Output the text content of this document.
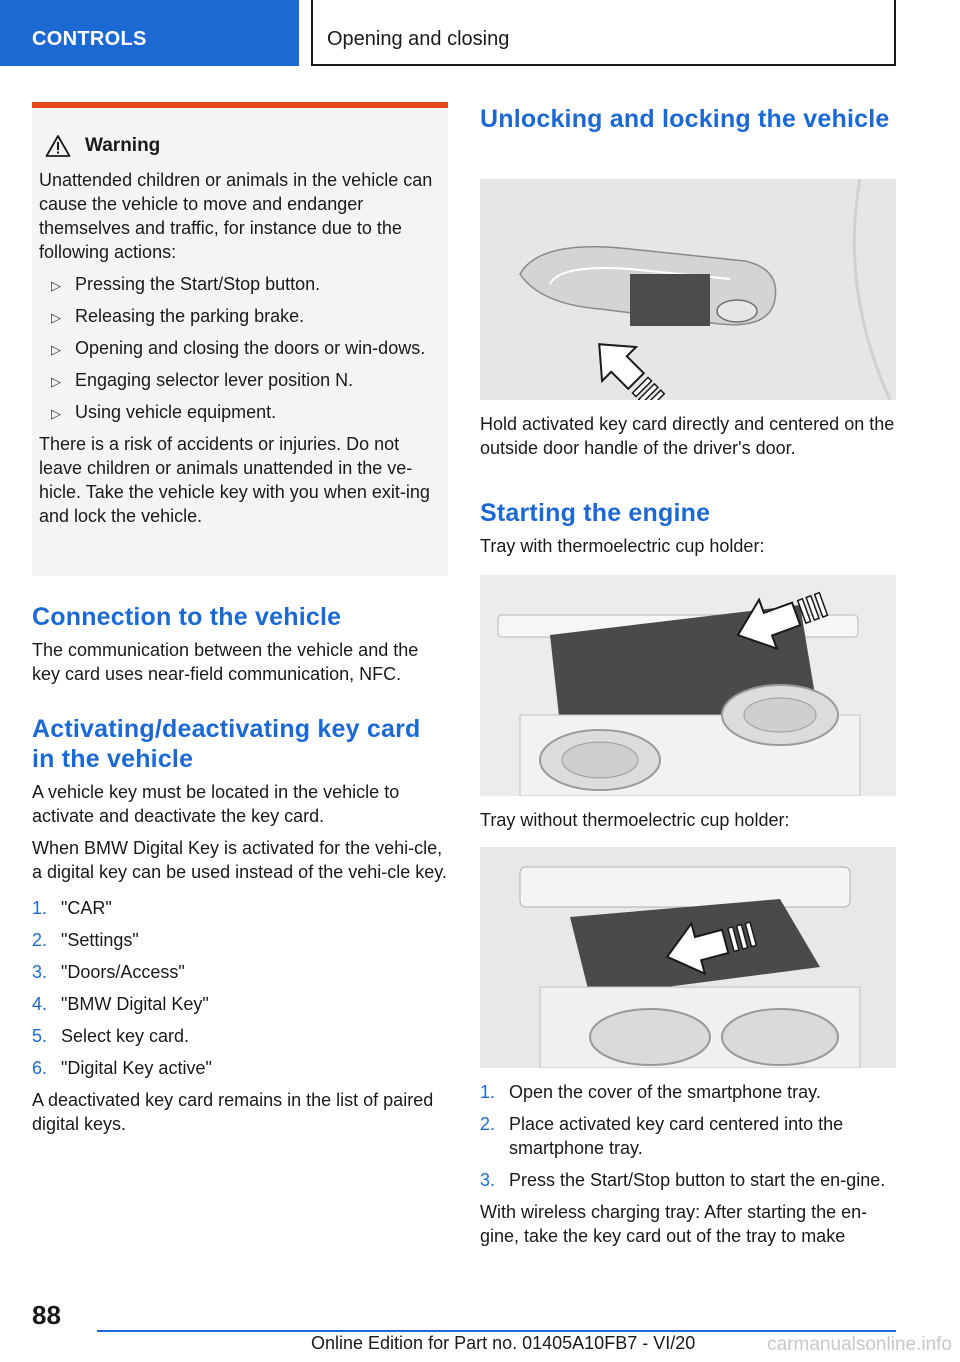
CONTROLS	Opening and closing
Warning

Unattended children or animals in the vehicle can cause the vehicle to move and endanger themselves and traffic, for instance due to the following actions:

▷ Pressing the Start/Stop button.
▷ Releasing the parking brake.
▷ Opening and closing the doors or win-dows.
▷ Engaging selector lever position N.
▷ Using vehicle equipment.

There is a risk of accidents or injuries. Do not leave children or animals unattended in the ve-hicle. Take the vehicle key with you when exit-ing and lock the vehicle.

Connection to the vehicle

The communication between the vehicle and the key card uses near-field communication, NFC.

Activating/deactivating key card in the vehicle

A vehicle key must be located in the vehicle to activate and deactivate the key card.

When BMW Digital Key is activated for the vehi-cle, a digital key can be used instead of the vehi-cle key.

1. "CAR"
2. "Settings"
3. "Doors/Access"
4. "BMW Digital Key"
5. Select key card.
6. "Digital Key active"

A deactivated key card remains in the list of paired digital keys.

Unlocking and locking the vehicle

Hold activated key card directly and centered on the outside door handle of the driver's door.

Starting the engine

Tray with thermoelectric cup holder:

Tray without thermoelectric cup holder:

1. Open the cover of the smartphone tray.
2. Place activated key card centered into the smartphone tray.
3. Press the Start/Stop button to start the en-gine.

With wireless charging tray: After starting the en-gine, take the key card out of the tray to make

88
Online Edition for Part no. 01405A10FB7 - VI/20	carmanualsonline.info
